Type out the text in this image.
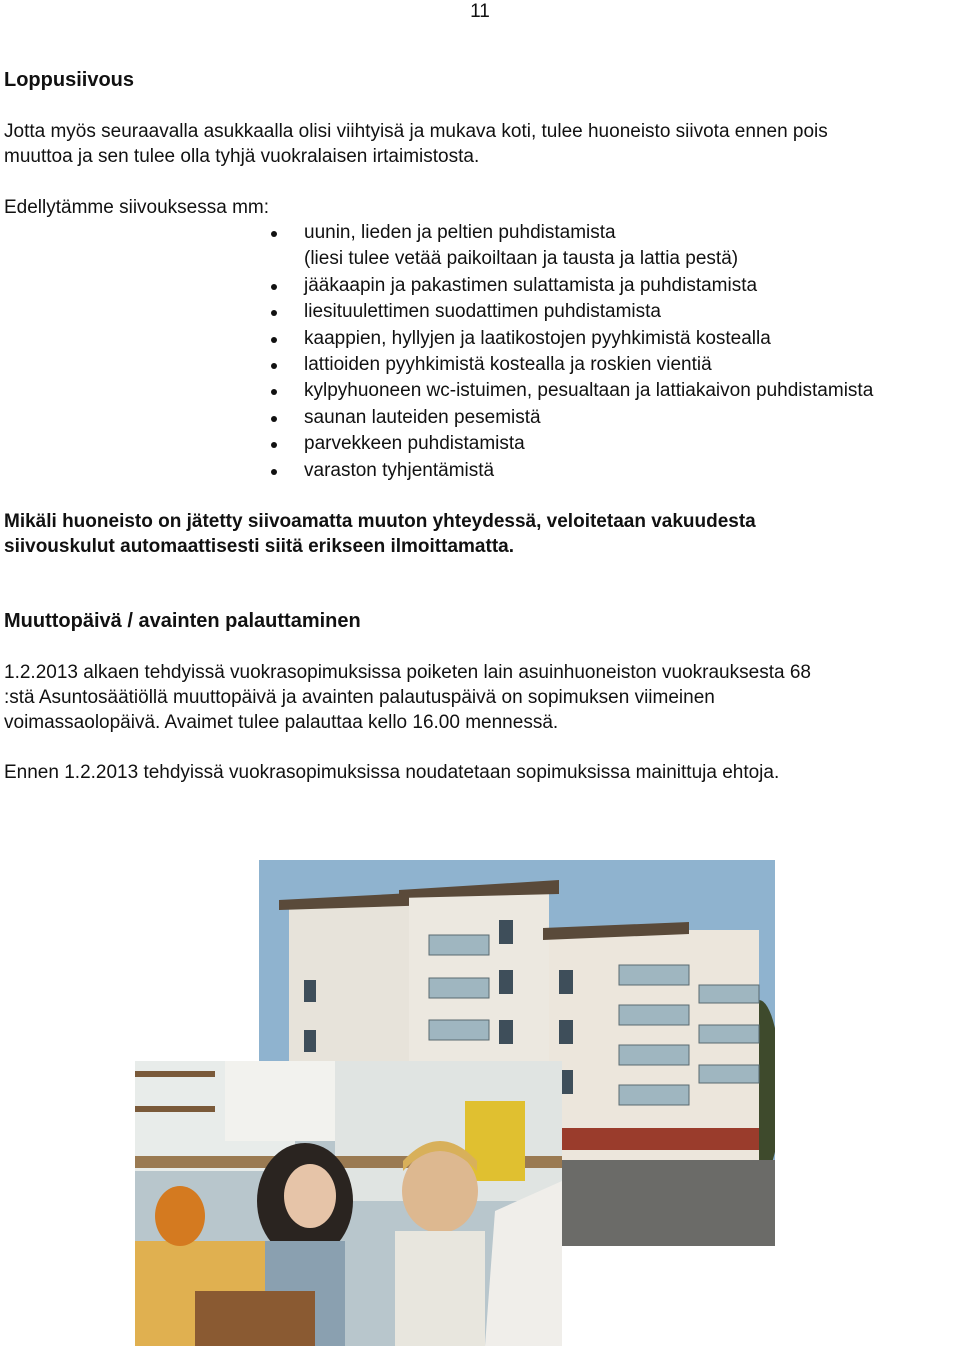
11
Loppusiivous

Jotta myös seuraavalla asukkaalla olisi viihtyisä ja mukava koti, tulee huoneisto siivota ennen pois

muuttoa ja sen tulee olla tyhjä vuokralaisen irtaimistosta.

Edellytämme siivouksessa mm:

uunin, lieden ja peltien puhdistamista
(liesi tulee vetää paikoiltaan ja tausta ja lattia pestä)
jääkaapin ja pakastimen sulattamista ja puhdistamista
liesituulettimen suodattimen puhdistamista
kaappien, hyllyjen ja laatikostojen pyyhkimistä kostealla
lattioiden pyyhkimistä kostealla ja roskien vientiä
kylpyhuoneen wc-istuimen, pesualtaan ja lattiakaivon puhdistamista
saunan lauteiden pesemistä
parvekkeen puhdistamista
varaston tyhjentämistä

Mikäli huoneisto on jätetty siivoamatta muuton yhteydessä, veloitetaan vakuudesta

siivouskulut automaattisesti siitä erikseen ilmoittamatta.

Muuttopäivä / avainten palauttaminen

1.2.2013 alkaen tehdyissä vuokrasopimuksissa poiketen lain asuinhuoneiston vuokrauksesta 68

:stä Asuntosäätiöllä muuttopäivä ja avainten palautuspäivä on sopimuksen viimeinen

voimassaolopäivä. Avaimet tulee palauttaa kello 16.00 mennessä.

Ennen 1.2.2013 tehdyissä vuokrasopimuksissa noudatetaan sopimuksissa mainittuja ehtoja.
